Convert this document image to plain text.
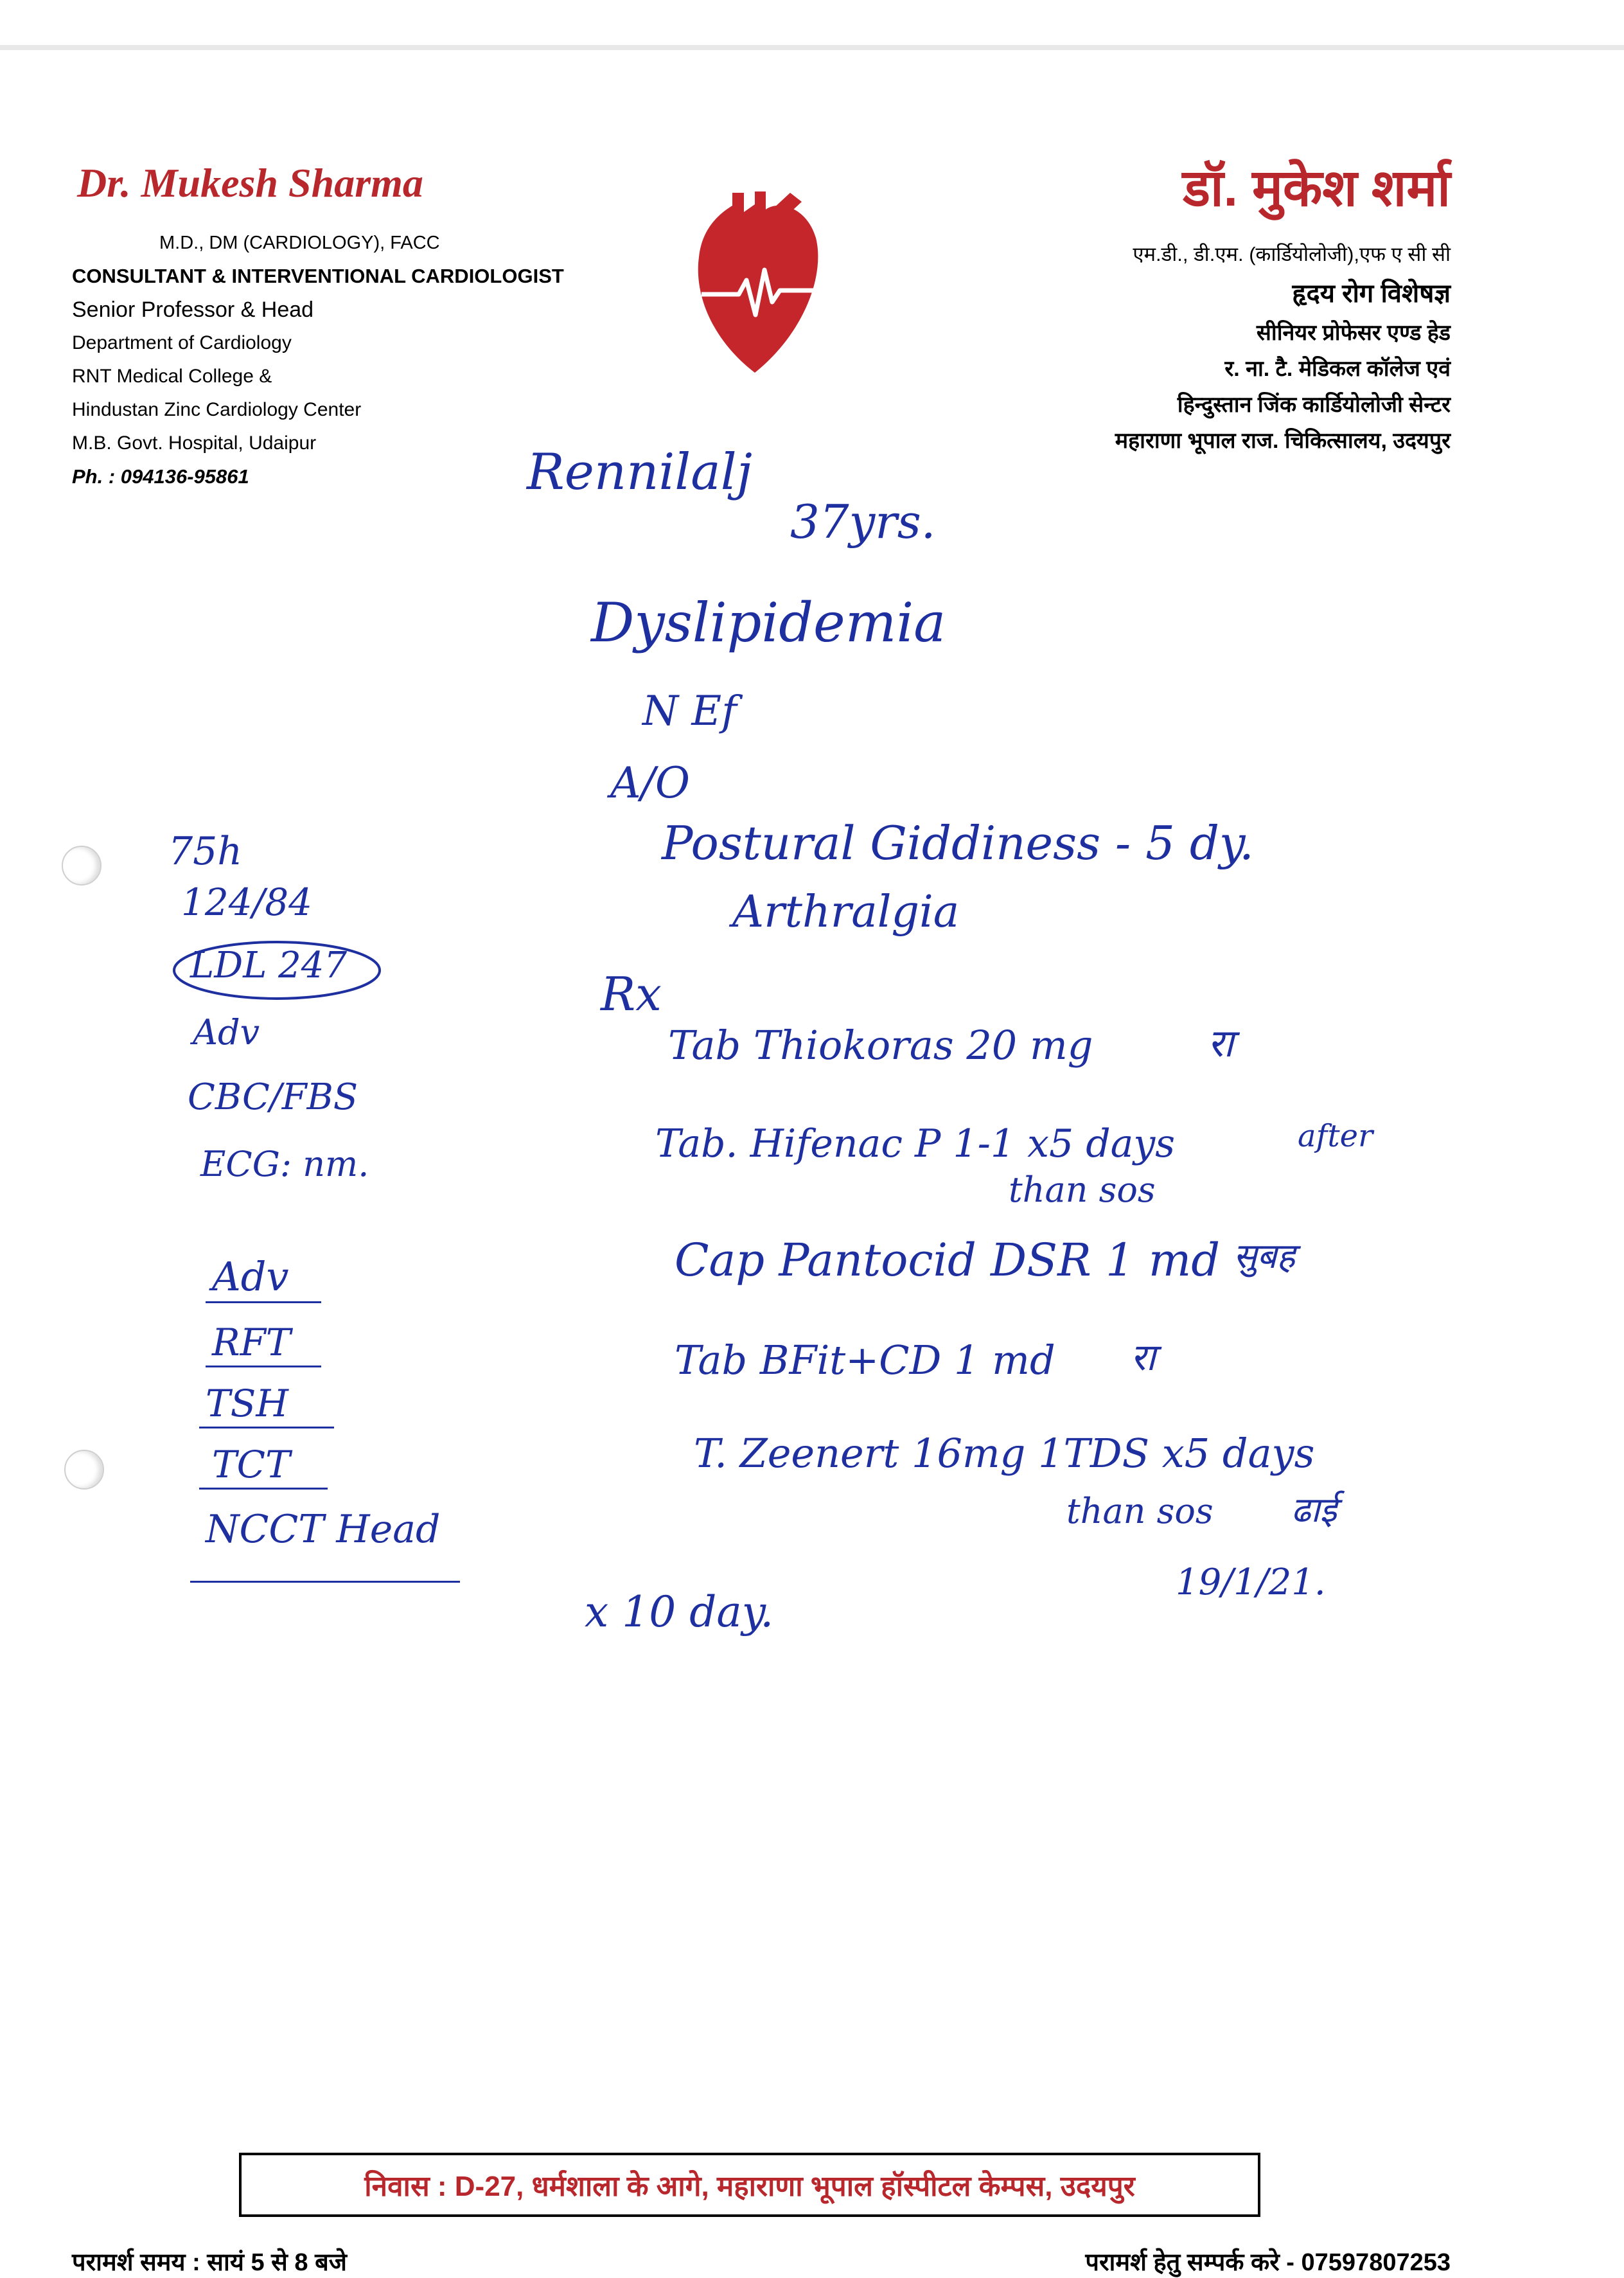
Dr. Mukesh Sharma
M.D., DM (CARDIOLOGY), FACC
CONSULTANT & INTERVENTIONAL CARDIOLOGIST
Senior Professor & Head
Department of Cardiology
RNT Medical College &
Hindustan Zinc Cardiology Center
M.B. Govt. Hospital, Udaipur
Ph. : 094136-95861
डॉ. मुकेश शर्मा
एम.डी., डी.एम. (कार्डियोलोजी),एफ ए सी सी
हृदय रोग विशेषज्ञ
सीनियर प्रोफेसर एण्ड हेड
र. ना. टै. मेडिकल कॉलेज एवं
हिन्दुस्तान जिंक कार्डियोलोजी सेन्टर
महाराणा भूपाल राज. चिकित्सालय, उदयपुर
Rennilalj
37yrs.
Dyslipidemia
N Ef
A/O
Postural Giddiness - 5 dy.
Arthralgia
Rx
Tab Thiokoras 20 mg	रा
Tab. Hifenac P 1-1 x5 days	after
than sos
Cap Pantocid DSR 1 md सुबह
Tab BFit+CD 1 md रा
T. Zeenert 16mg 1TDS x5 days
than sos ढाई
x 10 day.
19/1/21.
75h
124/84
LDL 247
Adv
CBC/FBS
ECG: nm.
Adv
RFT
TSH
TCT
NCCT Head
निवास : D-27, धर्मशाला के आगे, महाराणा भूपाल हॉस्पीटल केम्पस, उदयपुर
परामर्श समय : सायं 5 से 8 बजे	परामर्श हेतु सम्पर्क करे - 07597807253
